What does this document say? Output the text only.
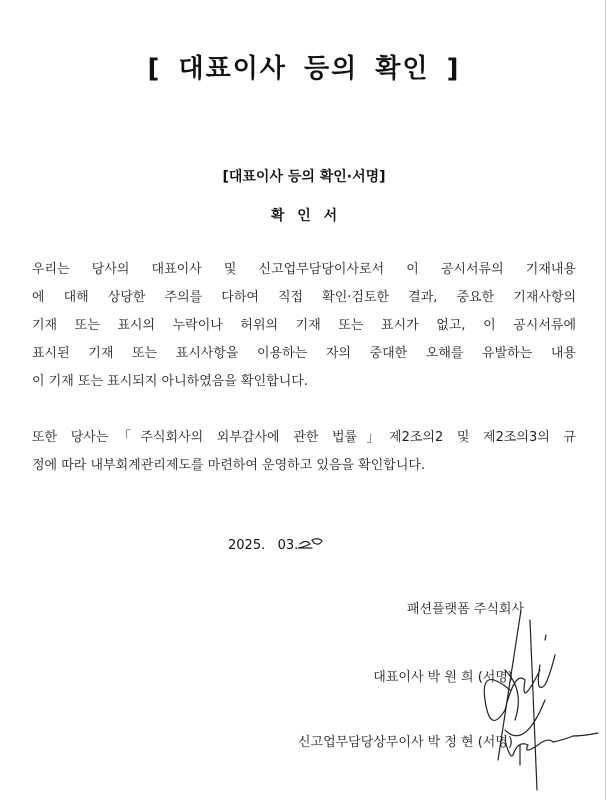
[ 대표이사 등의 확인 ]
[대표이사 등의 확인·서명]
확 인 서
우리는 당사의 대표이사 및 신고업무담당이사로서 이 공시서류의 기재내용
에 대해 상당한 주의를 다하여 직접 확인·검토한 결과, 중요한 기재사항의
기재 또는 표시의 누락이나 허위의 기재 또는 표시가 없고, 이 공시서류에
표시된 기재 또는 표시사항을 이용하는 자의 중대한 오해를 유발하는 내용
이 기재 또는 표시되지 아니하였음을 확인합니다.
또한 당사는「주식회사의 외부감사에 관한 법률」제2조의2 및 제2조의3의 규
정에 따라 내부회계관리제도를 마련하여 운영하고 있음을 확인합니다.
2025.   03.
패션플랫폼 주식회사
대표이사 박 원 희 (서명)
신고업무담당상무이사 박 정 현 (서명)
